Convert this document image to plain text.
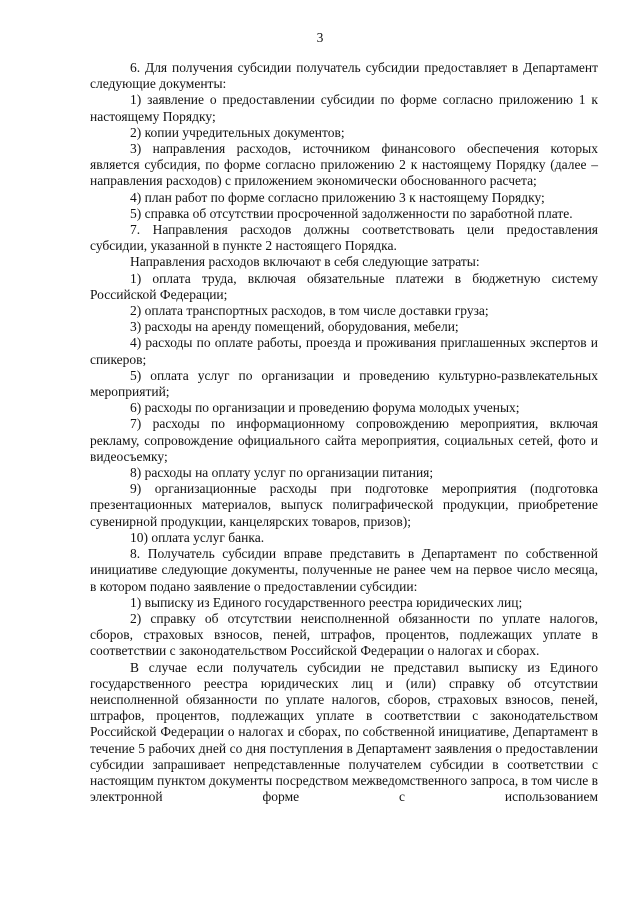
3

6. Для получения субсидии получатель субсидии предоставляет в Департамент следующие документы:

1) заявление о предоставлении субсидии по форме согласно приложению 1 к настоящему Порядку;

2) копии учредительных документов;

3) направления расходов, источником финансового обеспечения которых является субсидия, по форме согласно приложению 2 к настоящему Порядку (далее – направления расходов) с приложением экономически обоснованного расчета;

4) план работ по форме согласно приложению 3 к настоящему Порядку;

5) справка об отсутствии просроченной задолженности по заработной плате.

7. Направления расходов должны соответствовать цели предоставления субсидии, указанной в пункте 2 настоящего Порядка.

Направления расходов включают в себя следующие затраты:

1) оплата труда, включая обязательные платежи в бюджетную систему Российской Федерации;

2) оплата транспортных расходов, в том числе доставки груза;

3) расходы на аренду помещений, оборудования, мебели;

4) расходы по оплате работы, проезда и проживания приглашенных экспертов и спикеров;

5) оплата услуг по организации и проведению культурно-развлекательных мероприятий;

6) расходы по организации и проведению форума молодых ученых;

7) расходы по информационному сопровождению мероприятия, включая рекламу, сопровождение официального сайта мероприятия, социальных сетей, фото и видеосъемку;

8) расходы на оплату услуг по организации питания;

9) организационные расходы при подготовке мероприятия (подготовка презентационных материалов, выпуск полиграфической продукции, приобретение сувенирной продукции, канцелярских товаров, призов);

10) оплата услуг банка.

8. Получатель субсидии вправе представить в Департамент по собственной инициативе следующие документы, полученные не ранее чем на первое число месяца, в котором подано заявление о предоставлении субсидии:

1) выписку из Единого государственного реестра юридических лиц;

2) справку об отсутствии неисполненной обязанности по уплате налогов, сборов, страховых взносов, пеней, штрафов, процентов, подлежащих уплате в соответствии с законодательством Российской Федерации о налогах и сборах.

В случае если получатель субсидии не представил выписку из Единого государственного реестра юридических лиц и (или) справку об отсутствии неисполненной обязанности по уплате налогов, сборов, страховых взносов, пеней, штрафов, процентов, подлежащих уплате в соответствии с законодательством Российской Федерации о налогах и сборах, по собственной инициативе, Департамент в течение 5 рабочих дней со дня поступления в Департамент заявления о предоставлении субсидии запрашивает непредставленные получателем субсидии в соответствии с настоящим пунктом документы посредством межведомственного запроса, в том числе в электронной форме с использованием
